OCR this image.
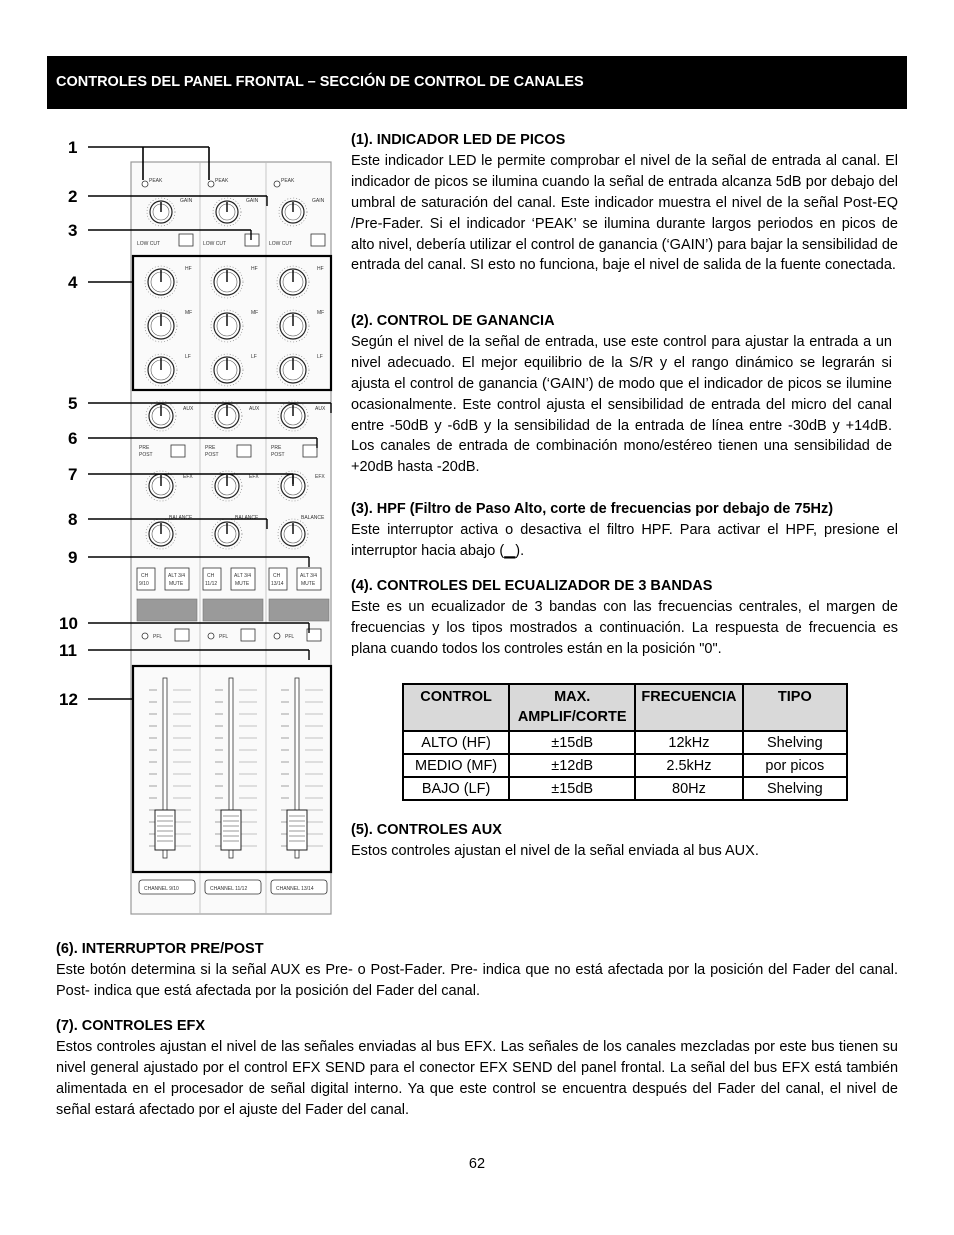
CONTROLES DEL PANEL FRONTAL – SECCIÓN DE CONTROL DE CANALES
PEAK
GAIN
LOW CUT
HF
MF
LF
AUX
PRE
POST
EFX
BALANCE
CH
9/10
ALT 3/4
MUTE
PFL
CHANNEL 9/10
PEAK
GAIN
LOW CUT
HF
MF
LF
AUX
PRE
POST
EFX
BALANCE
CH
11/12
ALT 3/4
MUTE
PFL
CHANNEL 11/12
PEAK
GAIN
LOW CUT
HF
MF
LF
AUX
PRE
POST
EFX
BALANCE
CH
13/14
ALT 3/4
MUTE
PFL
CHANNEL 13/14
1
2
3
4
5
6
7
8
9
10
11
12
(1). INDICADOR LED DE PICOS

Este indicador LED le permite comprobar el nivel de la señal de entrada al canal. El indicador de picos se ilumina cuando la señal de entrada alcanza 5dB por debajo del umbral de saturación del canal. Este indicador muestra el nivel de la señal Post-EQ /Pre-Fader. Si el indicador ‘PEAK’ se ilumina durante largos periodos en picos de alto nivel, debería utilizar el control de ganancia (‘GAIN’) para bajar la sensibilidad de entrada del canal. SI esto no funciona, baje el nivel de salida de la fuente conectada.

(2). CONTROL DE GANANCIA

Según el nivel de la señal de entrada, use este control para ajustar la entrada a un nivel adecuado. El mejor equilibrio de la S/R y el rango dinámico se legrarán si ajusta el control de ganancia (‘GAIN’) de modo que el indicador de picos se ilumine ocasionalmente. Este control ajusta el sensibilidad de entrada del micro del canal entre -50dB y -6dB y la sensibilidad de la entrada de línea entre -30dB y +14dB. Los canales de entrada de combinación mono/estéreo tienen una sensibilidad de +20dB hasta -20dB.

(3). HPF (Filtro de Paso Alto, corte de frecuencias por debajo de 75Hz)

Este interruptor activa o desactiva el filtro HPF. Para activar el HPF, presione el interruptor hacia abajo (▁).

(4). CONTROLES DEL ECUALIZADOR DE 3 BANDAS

Este es un ecualizador de 3 bandas con las frecuencias centrales, el margen de frecuencias y los tipos mostrados a continuación. La respuesta de frecuencia es plana cuando todos los controles están en la posición "0".

CONTROL	MAX. AMPLIF/CORTE	FRECUENCIA	TIPO
ALTO (HF)	±15dB	12kHz	Shelving
MEDIO (MF)	±12dB	2.5kHz	por picos
BAJO (LF)	±15dB	80Hz	Shelving
(5). CONTROLES AUX

Estos controles ajustan el nivel de la señal enviada al bus AUX.

(6). INTERRUPTOR PRE/POST

Este botón determina si la señal AUX es Pre- o Post-Fader. Pre- indica que no está afectada por la posición del Fader del canal. Post- indica que está afectada por la posición del Fader del canal.

(7). CONTROLES EFX

Estos controles ajustan el nivel de las señales enviadas al bus EFX. Las señales de los canales mezcladas por este bus tienen su nivel general ajustado por el control EFX SEND para el conector EFX SEND del panel frontal. La señal del bus EFX está también alimentada en el procesador de señal digital interno. Ya que este control se encuentra después del Fader del canal, el nivel de señal estará afectado por el ajuste del Fader del canal.

62
